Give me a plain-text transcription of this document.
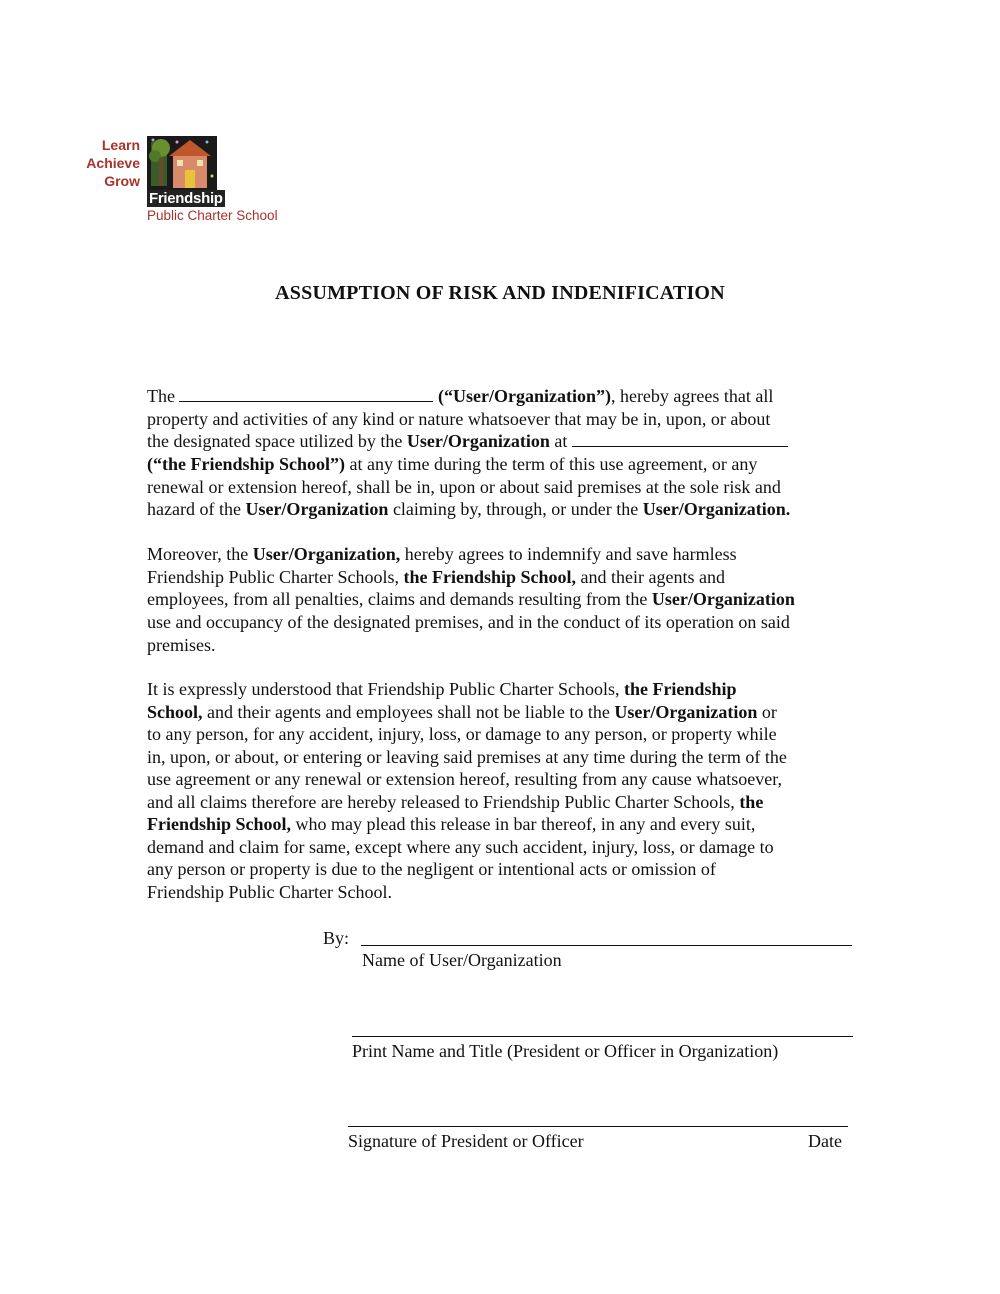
Learn
Achieve
Grow
Friendship
Public Charter School
ASSUMPTION OF RISK AND INDENIFICATION
The	(“User/Organization”), hereby agrees that all
property and activities of any kind or nature whatsoever that may be in, upon, or about
the designated space utilized by the User/Organization at
(“the Friendship School”) at any time during the term of this use agreement, or any
renewal or extension hereof, shall be in, upon or about said premises at the sole risk and
hazard of the User/Organization claiming by, through, or under the User/Organization.
Moreover, the User/Organization, hereby agrees to indemnify and save harmless
Friendship Public Charter Schools, the Friendship School, and their agents and
employees, from all penalties, claims and demands resulting from the User/Organization
use and occupancy of the designated premises, and in the conduct of its operation on said
premises.
It is expressly understood that Friendship Public Charter Schools, the Friendship
School, and their agents and employees shall not be liable to the User/Organization or
to any person, for any accident, injury, loss, or damage to any person, or property while
in, upon, or about, or entering or leaving said premises at any time during the term of the
use agreement or any renewal or extension hereof, resulting from any cause whatsoever,
and all claims therefore are hereby released to Friendship Public Charter Schools, the
Friendship School, who may plead this release in bar thereof, in any and every suit,
demand and claim for same, except where any such accident, injury, loss, or damage to
any person or property is due to the negligent or intentional acts or omission of
Friendship Public Charter School.
By:
Name of User/Organization
Print Name and Title (President or Officer in Organization)
Signature of President or Officer	Date
